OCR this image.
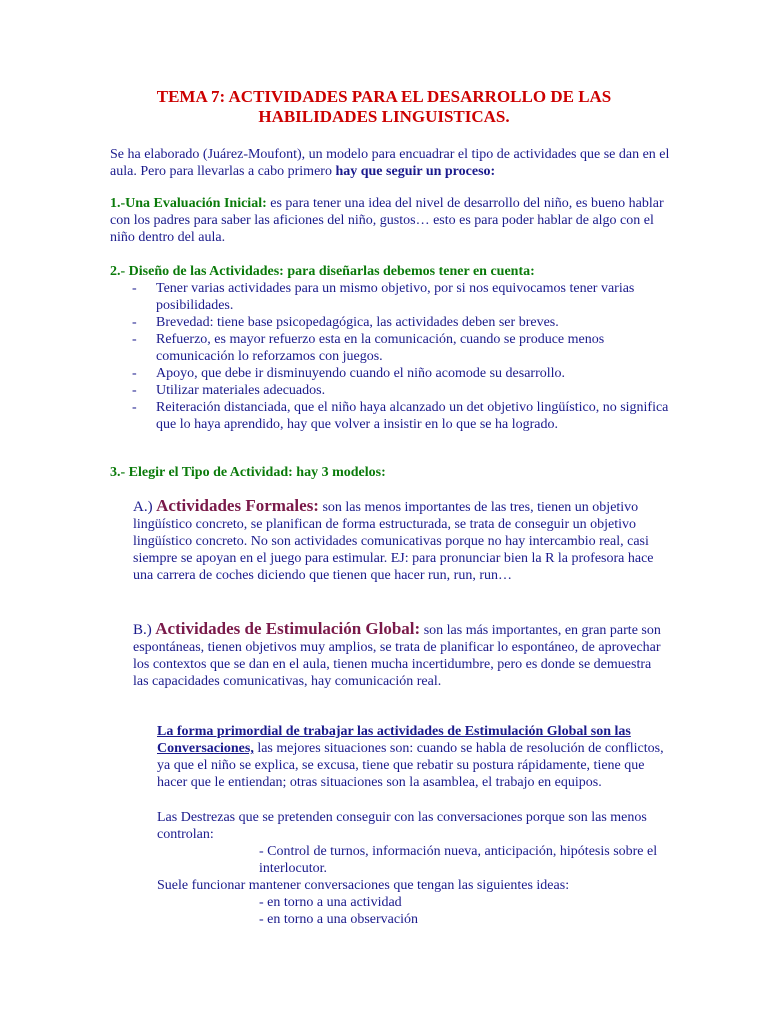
TEMA 7: ACTIVIDADES PARA EL DESARROLLO DE LAS
HABILIDADES LINGUISTICAS.
Se ha elaborado (Juárez-Moufont), un modelo para encuadrar el tipo de actividades que se dan en el aula. Pero para llevarlas a cabo primero hay que seguir un proceso:
1.-Una Evaluación Inicial: es para tener una idea del nivel de desarrollo del niño, es bueno hablar con los padres para saber las aficiones del niño, gustos… esto es para poder hablar de algo con el niño dentro del aula.
2.- Diseño de las Actividades: para diseñarlas debemos tener en cuenta:
- Tener varias actividades para un mismo objetivo, por si nos equivocamos tener varias posibilidades.
- Brevedad: tiene base psicopedagógica, las actividades deben ser breves.
- Refuerzo, es mayor refuerzo esta en la comunicación, cuando se produce menos comunicación lo reforzamos con juegos.
- Apoyo, que debe ir disminuyendo cuando el niño acomode su desarrollo.
- Utilizar materiales adecuados.
- Reiteración distanciada, que el niño haya alcanzado un det objetivo lingüístico, no significa que lo haya aprendido, hay que volver a insistir en lo que se ha logrado.
3.- Elegir el Tipo de Actividad: hay 3 modelos:
A.) Actividades Formales: son las menos importantes de las tres, tienen un objetivo lingüístico concreto, se planifican de forma estructurada, se trata de conseguir un objetivo lingüístico concreto. No son actividades comunicativas porque no hay intercambio real, casi siempre se apoyan en el juego para estimular. EJ: para pronunciar bien la R la profesora hace una carrera de coches diciendo que tienen que hacer run, run, run…
B.) Actividades de Estimulación Global: son las más importantes, en gran parte son espontáneas, tienen objetivos muy amplios, se trata de planificar lo espontáneo, de aprovechar los contextos que se dan en el aula, tienen mucha incertidumbre, pero es donde se demuestra las capacidades comunicativas, hay comunicación real.
La forma primordial de trabajar las actividades de Estimulación Global son las Conversaciones, las mejores situaciones son: cuando se habla de resolución de conflictos, ya que el niño se explica, se excusa, tiene que rebatir su postura rápidamente, tiene que hacer que le entiendan; otras situaciones son la asamblea, el trabajo en equipos.
Las Destrezas que se pretenden conseguir con las conversaciones porque son las menos controlan:
- Control de turnos, información nueva, anticipación, hipótesis sobre el interlocutor.
Suele funcionar mantener conversaciones que tengan las siguientes ideas:
- en torno a una actividad
- en torno a una observación
